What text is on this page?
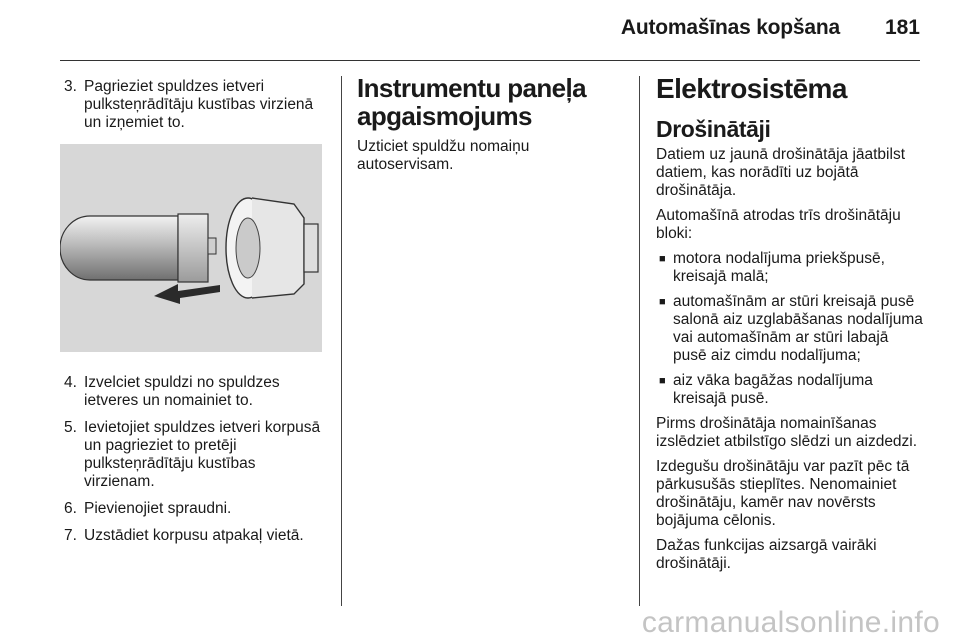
Automašīnas kopšana 181
3. Pagrieziet spuldzes ietveri pulksteņrādītāju kustības virzienā un izņemiet to.
4. Izvelciet spuldzi no spuldzes ietveres un nomainiet to.
5. Ievietojiet spuldzes ietveri korpusā un pagrieziet to pretēji pulksteņrādītāju kustības virzienam.
6. Pievienojiet spraudni.
7. Uzstādiet korpusu atpakaļ vietā.
Instrumentu paneļa apgaismojums
Uzticiet spuldžu nomaiņu autoservisam.
Elektrosistēma
Drošinātāji
Datiem uz jaunā drošinātāja jāatbilst datiem, kas norādīti uz bojātā drošinātāja.
Automašīnā atrodas trīs drošinātāju bloki:
■ motora nodalījuma priekšpusē, kreisajā malā;
■ automašīnām ar stūri kreisajā pusē salonā aiz uzglabāšanas nodalījuma vai automašīnām ar stūri labajā pusē aiz cimdu nodalījuma;
■ aiz vāka bagāžas nodalījuma kreisajā pusē.
Pirms drošinātāja nomainīšanas izslēdziet atbilstīgo slēdzi un aizdedzi.
Izdegušu drošinātāju var pazīt pēc tā pārkusušās stieplītes. Nenomainiet drošinātāju, kamēr nav novērsts bojājuma cēlonis.
Dažas funkcijas aizsargā vairāki drošinātāji.
carmanualsonline.info
